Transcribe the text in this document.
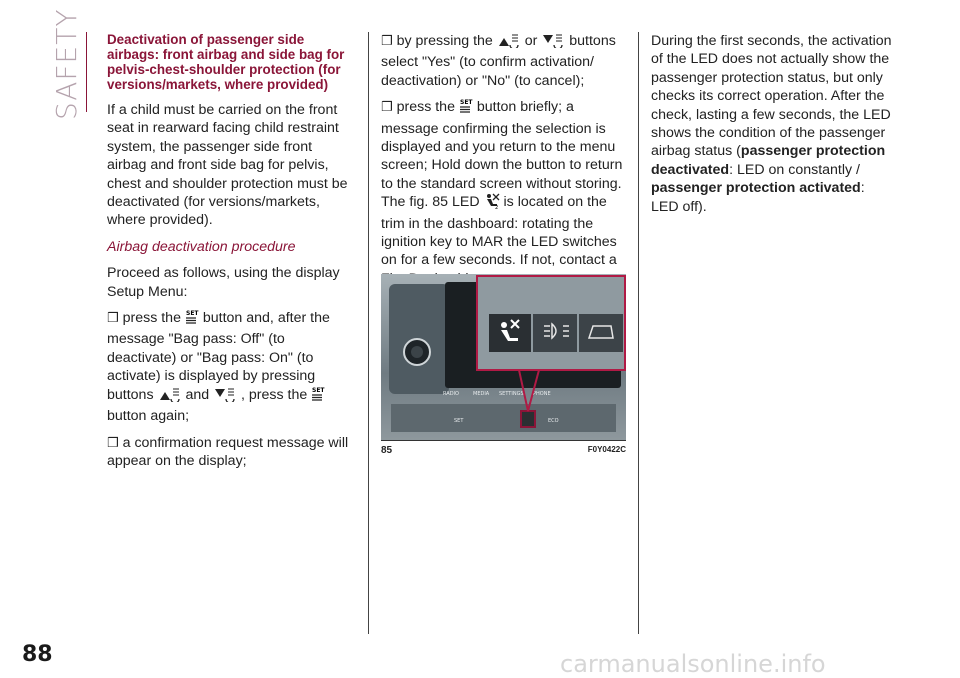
SAFETY
88	carmanualsonline.info

Deactivation of passenger side airbags: front airbag and side bag for pelvis-chest-shoulder protection (for versions/markets, where provided)

If a child must be carried on the front seat in rearward facing child restraint system, the passenger side front airbag and front side bag for pelvis, chest and shoulder protection must be deactivated (for versions/markets, where provided).

Airbag deactivation procedure

Proceed as follows, using the display Setup Menu:

❒ press the SET button and, after the message "Bag pass: Off" (to deactivate) or "Bag pass: On" (to activate) is displayed by pressing buttons and , press the SET
button again;

❒ a confirmation request message will appear on the display;

❒ by pressing the or buttons select "Yes" (to confirm activation/ deactivation) or "No" (to cancel);

❒ press the SET button briefly; a message confirming the selection is displayed and you return to the menu screen; Hold down the button to return to the standard screen without storing. The fig. 85 LED	2 is located on the trim in the dashboard: rotating the ignition key to MAR the LED switches on for a few seconds. If not, contact a

RADIO	MEDIA SETTINGS PHONE
SET	ECO
85	F0Y0422C

During the first seconds, the activation of the LED does not actually show the passenger protection status, but only checks its correct operation. After the check, lasting a few seconds, the LED shows the condition of the passenger airbag status (passenger protection deactivated: LED on constantly / passenger protection activated: LED off).
